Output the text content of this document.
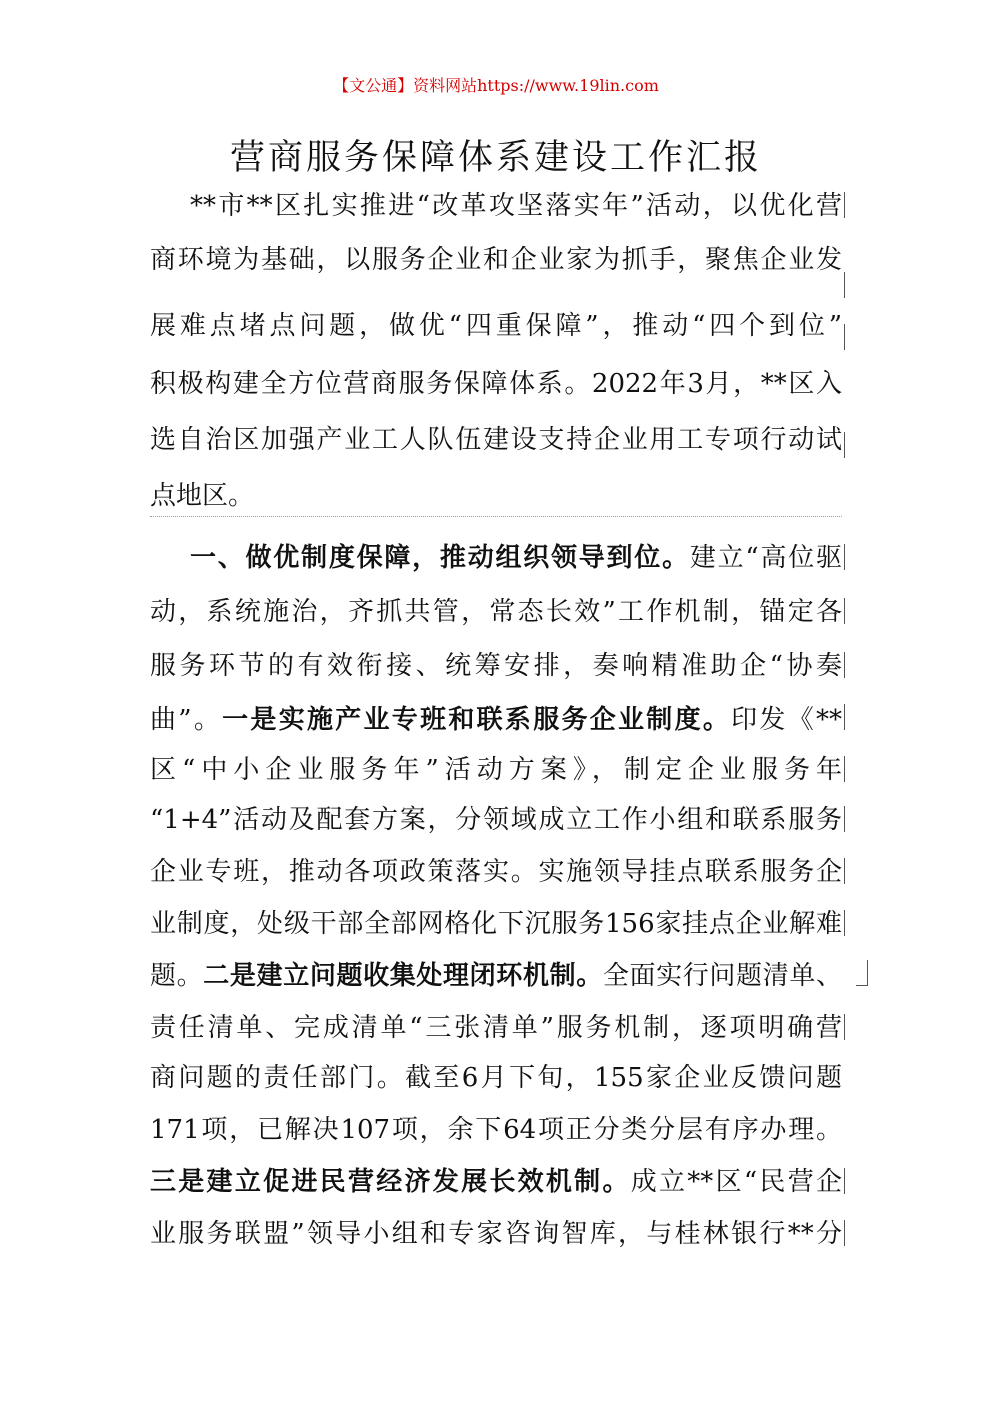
【文公通】资料网站https://www.19lin.com
营商服务保障体系建设工作汇报
**市**区扎实推进“改革攻坚落实年”活动，以优化营
商环境为基础，以服务企业和企业家为抓手，聚焦企业发
展难点堵点问题，做优“四重保障”，推动“四个到位”
积极构建全方位营商服务保障体系。2022年3月，**区入
选自治区加强产业工人队伍建设支持企业用工专项行动试
点地区。
一、做优制度保障，推动组织领导到位。建立“高位驱
动，系统施治，齐抓共管，常态长效”工作机制，锚定各
服务环节的有效衔接、统筹安排，奏响精准助企“协奏
曲”。一是实施产业专班和联系服务企业制度。印发《**
区“中小企业服务年”活动方案》，制定企业服务年
“1+4”活动及配套方案，分领域成立工作小组和联系服务
企业专班，推动各项政策落实。实施领导挂点联系服务企
业制度，处级干部全部网格化下沉服务156家挂点企业解难
题。二是建立问题收集处理闭环机制。全面实行问题清单、
责任清单、完成清单“三张清单”服务机制，逐项明确营
商问题的责任部门。截至6月下旬，155家企业反馈问题
171项，已解决107项，余下64项正分类分层有序办理。
三是建立促进民营经济发展长效机制。成立**区“民营企
业服务联盟”领导小组和专家咨询智库，与桂林银行**分
